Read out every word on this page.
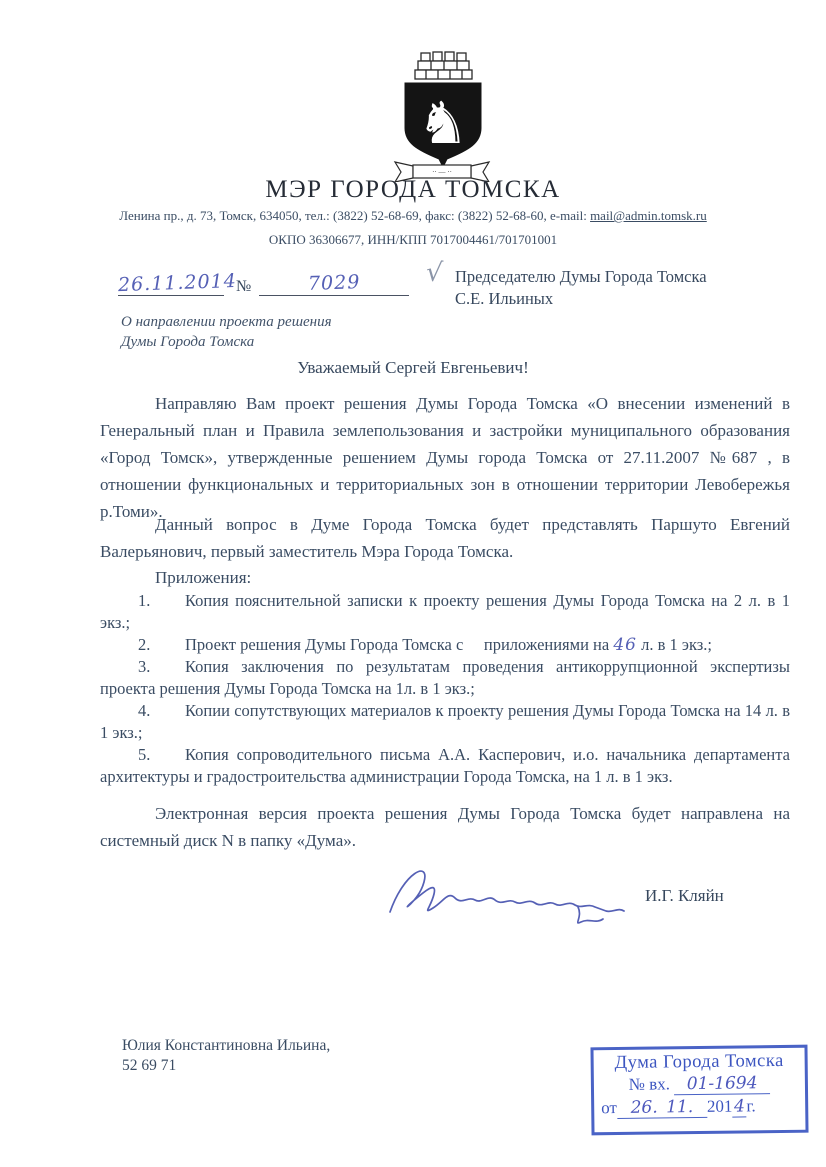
♞
·· — ··
МЭР ГОРОДА ТОМСКА
Ленина пр., д. 73, Томск, 634050, тел.: (3822) 52-68-69, факс: (3822) 52-68-60, e-mail: mail@admin.tomsk.ru
ОКПО 36306677, ИНН/КПП 7017004461/701701001
26.11.2014№	7029	√
О направлении проекта решения
Думы Города Томска
Председателю Думы Города Томска
С.Е. Ильиных
Уважаемый Сергей Евгеньевич!
Направляю Вам проект решения Думы Города Томска «О внесении изменений в Генеральный план и Правила землепользования и застройки муниципального образования «Город Томск», утвержденные решением Думы города Томска от 27.11.2007 №687 , в отношении функциональных и территориальных зон в отношении территории Левобережья р.Томи».
Данный вопрос в Думе Города Томска будет представлять Паршуто Евгений Валерьянович, первый заместитель Мэра Города Томска.
Приложения:
1. Копия пояснительной записки к проекту решения Думы Города Томска на 2 л. в 1 экз.;
2. Проект решения Думы Города Томска с   приложениями на 46 л. в 1 экз.;
3. Копия заключения по результатам проведения антикоррупционной экспертизы проекта решения Думы Города Томска на 1л. в 1 экз.;
4. Копии сопутствующих материалов к проекту решения Думы Города Томска на 14 л. в 1 экз.;
5. Копия сопроводительного письма А.А. Касперович, и.о. начальника департамента архитектуры и градостроительства администрации Города Томска, на 1 л. в 1 экз.
Электронная версия проекта решения Думы Города Томска будет направлена на системный диск N в папку «Дума».
И.Г. Кляйн
Юлия Константиновна Ильина,
52 69 71	Дума Города Томска
№ вх. 01-1694
от 26. 11. 2014г.
